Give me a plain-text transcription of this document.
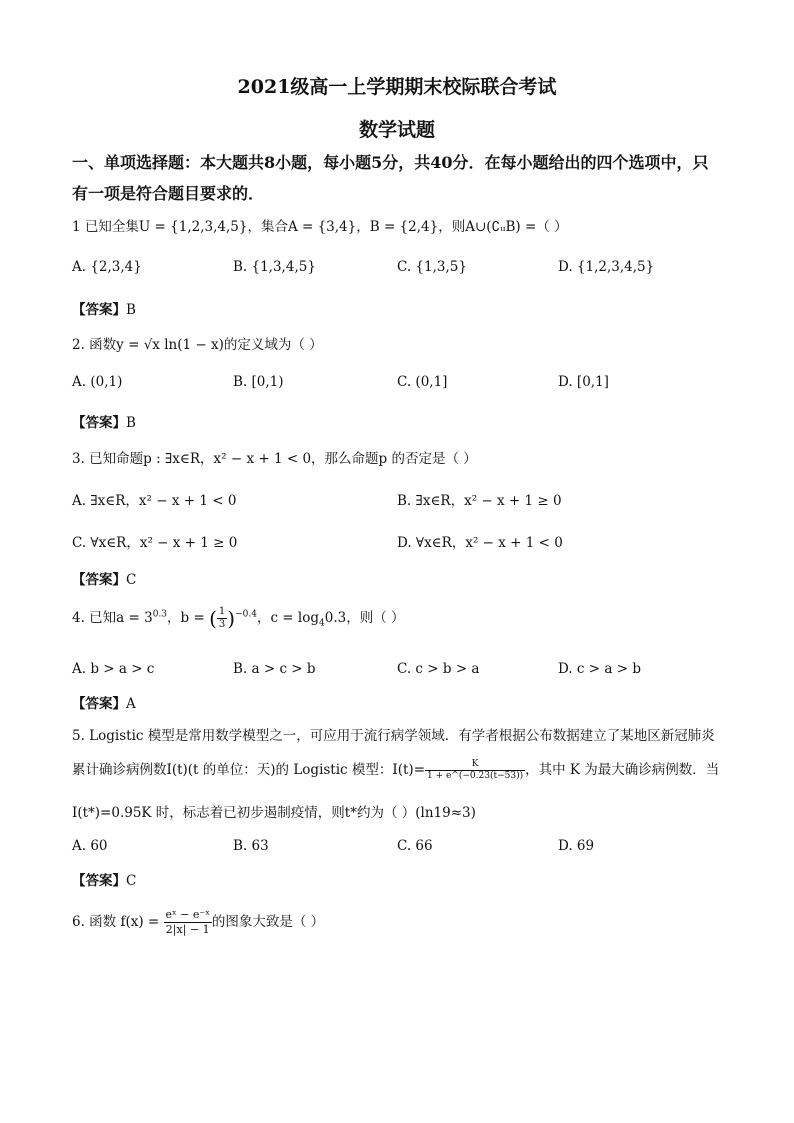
2021级高一上学期期末校际联合考试
数学试题
一、单项选择题：本大题共8小题，每小题5分，共40分．在每小题给出的四个选项中，只
有一项是符合题目要求的．
1 已知全集U = {1,2,3,4,5}，集合A = {3,4}，B = {2,4}，则A∪(∁ᵤB) =（ ）
A. {2,3,4}	B. {1,3,4,5}	C. {1,3,5}	D. {1,2,3,4,5}
【答案】B
2. 函数y = √x ln(1 − x)的定义域为（ ）
A. (0,1)	B. [0,1)	C. (0,1]	D. [0,1]
【答案】B
3. 已知命题p : ∃x∈R，x² − x + 1 < 0，那么命题p 的否定是（ ）
A. ∃x∈R，x² − x + 1 < 0	B. ∃x∈R，x² − x + 1 ≥ 0
C. ∀x∈R，x² − x + 1 ≥ 0	D. ∀x∈R，x² − x + 1 < 0
【答案】C
4. 已知$a = 3^{0.3}$，b = ( $\frac{1}{3} )^{-0.4}$，$c = \log_40.3$，则（ ）
A. b > a > c	B. a > c > b	C. c > b > a	D. c > a > b
【答案】A
5. Logistic 模型是常用数学模型之一，可应用于流行病学领域．有学者根据公布数据建立了某地区新冠肺炎
累计确诊病例数I(t)(t 的单位：天)的 Logistic 模型：$I(t)= \frac{K}{1 + e\^{}(-0.23(t-53))}$ ，其中 K 为最大确诊病例数．当
I(t*)=0.95K 时，标志着已初步遏制疫情，则t*约为（ ）(ln19≈3)
A. 60	B. 63	C. 66	D. 69
【答案】C
6. 函数 $f(x) = \frac{\text{eˣ − e⁻ˣ}}{2|x| - 1}$ 的图象大致是（ ）
